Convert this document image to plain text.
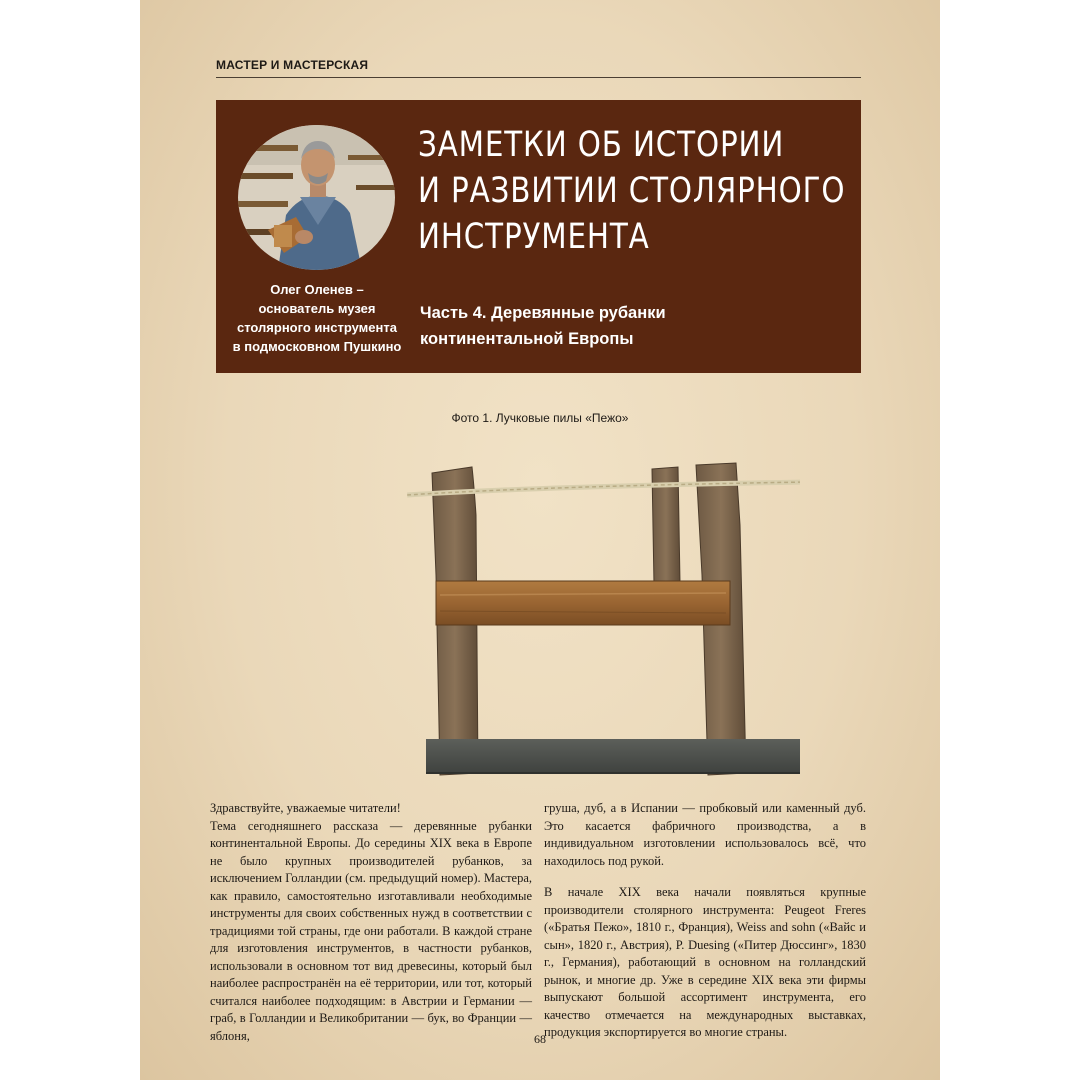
МАСТЕР И МАСТЕРСКАЯ
Олег Оленев –
основатель музея
столярного инструмента
в подмосковном Пушкино
ЗАМЕТКИ ОБ ИСТОРИИ
И РАЗВИТИИ СТОЛЯРНОГО
ИНСТРУМЕНТА
Часть 4. Деревянные рубанки
континентальной Европы
Фото 1. Лучковые пилы «Пежо»

Здравствуйте, уважаемые читатели!

Тема сегодняшнего рассказа — деревянные рубанки континентальной Европы. До середины XIX века в Европе не было крупных производителей рубанков, за исключением Голландии (см. предыдущий номер). Мастера, как правило, самостоятельно изготавливали необходимые инструменты для своих собственных нужд в соответствии с традициями той страны, где они работали. В каждой стране для изготовления инструментов, в частности рубанков, использовали в основном тот вид древесины, который был наиболее распространён на её территории, или тот, который считался наиболее подходящим: в Австрии и Германии — граб, в Голландии и Великобритании — бук, во Франции — яблоня,

груша, дуб, а в Испании — пробковый или каменный дуб. Это касается фабричного производства, а в индивидуальном изготовлении использовалось всё, что находилось под рукой.

В начале XIX века начали появляться крупные производители столярного инструмента: Peugeot Freres («Братья Пежо», 1810 г., Франция), Weiss and sohn («Вайс и сын», 1820 г., Австрия), P. Duesing («Питер Дюссинг», 1830 г., Германия), работающий в основном на голландский рынок, и многие др. Уже в середине XIX века эти фирмы выпускают большой ассортимент инструмента, его качество отмечается на международных выставках, продукция экспортируется во многие страны.

68
